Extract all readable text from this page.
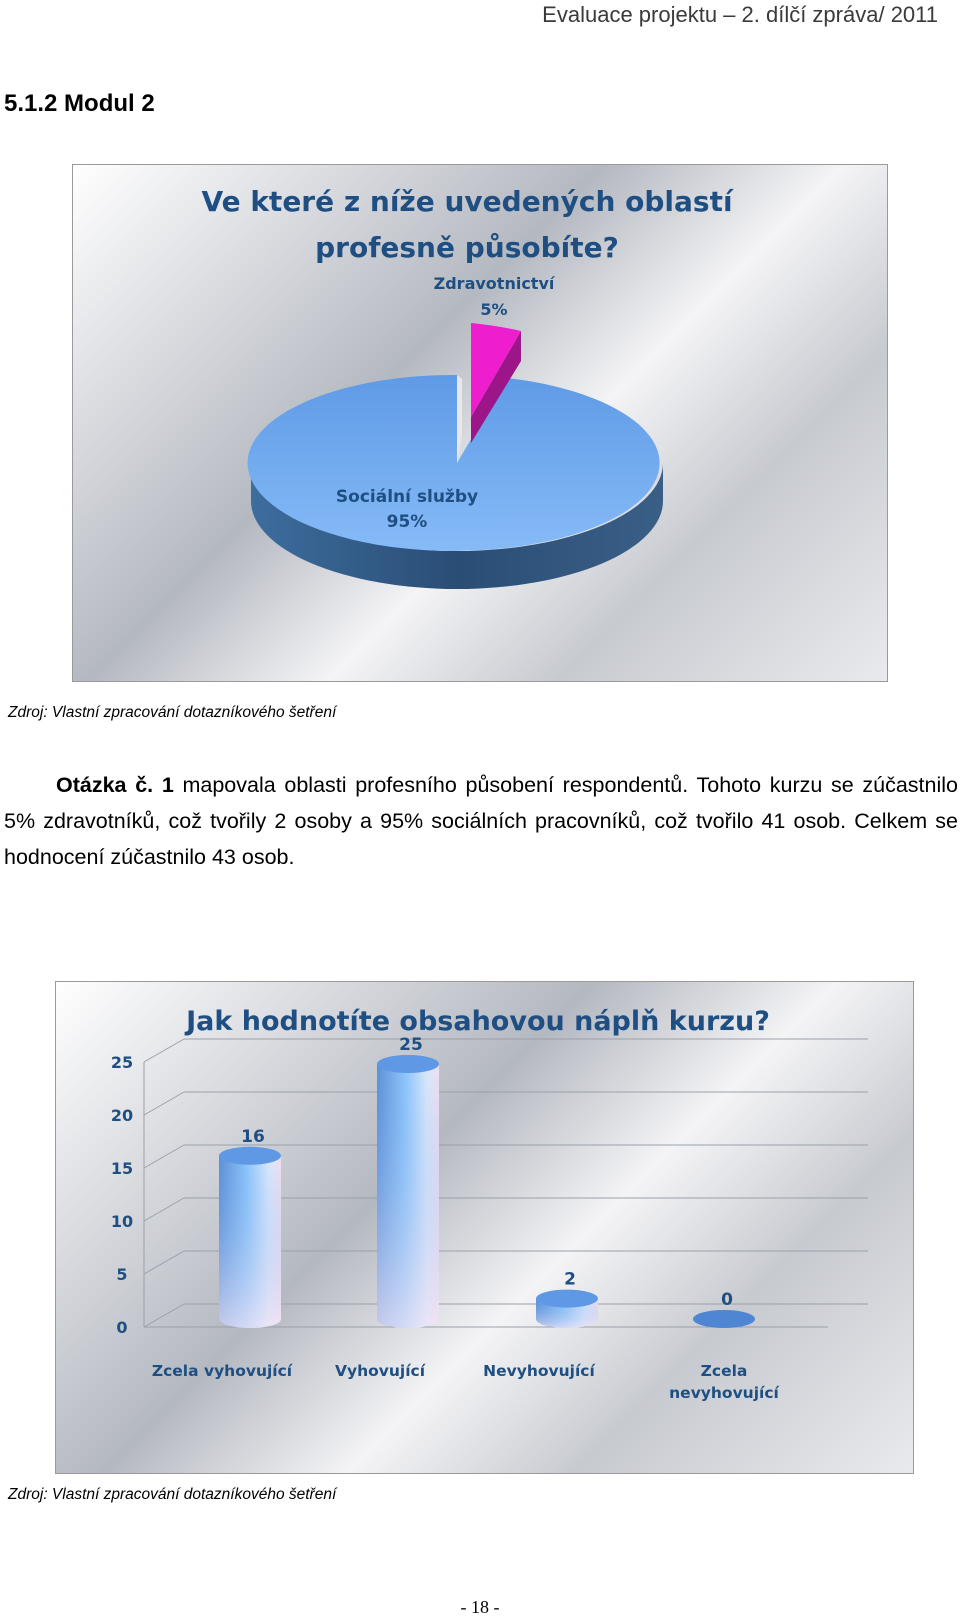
Evaluace projektu – 2. dílčí zpráva/ 2011
5.1.2 Modul 2
Ve které z níže uvedených oblastí
profesně působíte?
Zdravotnictví
5%
Sociální služby
95%
Zdroj: Vlastní zpracování dotazníkového šetření
Otázka č. 1 mapovala oblasti profesního působení respondentů. Tohoto kurzu se zúčastnilo 5% zdravotníků, což tvořily 2 osoby a 95% sociálních pracovníků, což tvořilo 41 osob. Celkem se hodnocení zúčastnilo 43 osob.
Jak hodnotíte obsahovou náplň kurzu?
0
5
10
15
20
25
16
Zcela vyhovující
25
Vyhovující
2
Nevyhovující
0
Zcela
nevyhovující
Zdroj: Vlastní zpracování dotazníkového šetření
- 18 -
